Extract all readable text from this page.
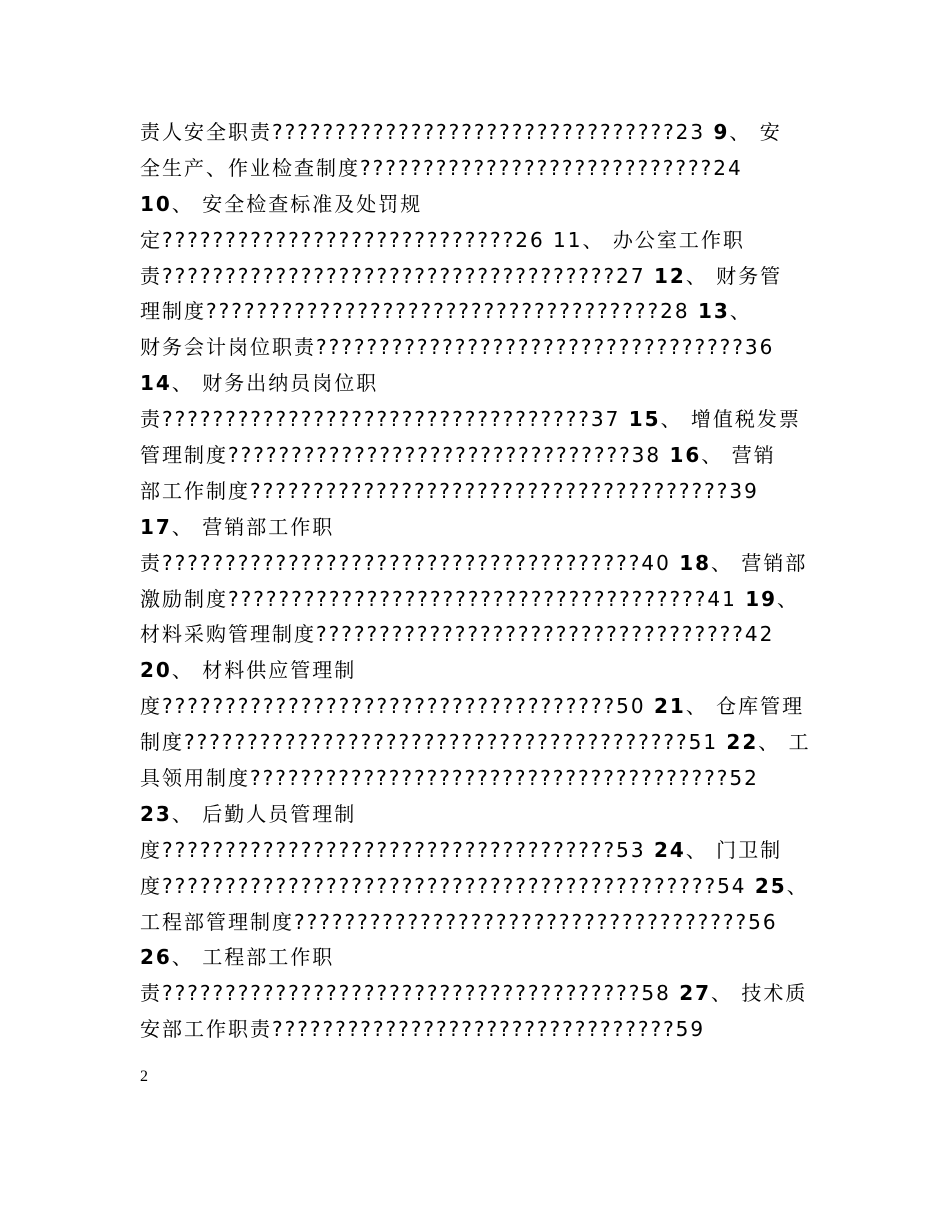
责人安全职责????????????????????????????????23 9、 安
全生产、作业检查制度????????????????????????????24
10、 安全检查标准及处罚规
定????????????????????????????26 11、 办公室工作职
责????????????????????????????????????27 12、 财务管
理制度????????????????????????????????????28 13、
财务会计岗位职责??????????????????????????????????36
14、 财务出纳员岗位职
责??????????????????????????????????37 15、 增值税发票
管理制度????????????????????????????????38 16、 营销
部工作制度??????????????????????????????????????39
17、 营销部工作职
责??????????????????????????????????????40 18、 营销部
激励制度??????????????????????????????????????41 19、
材料采购管理制度??????????????????????????????????42
20、 材料供应管理制
度????????????????????????????????????50 21、 仓库管理
制度????????????????????????????????????????51 22、 工
具领用制度??????????????????????????????????????52
23、 后勤人员管理制
度????????????????????????????????????53 24、 门卫制
度????????????????????????????????????????????54 25、
工程部管理制度????????????????????????????????????56
26、 工程部工作职
责??????????????????????????????????????58 27、 技术质
安部工作职责????????????????????????????????59
2
